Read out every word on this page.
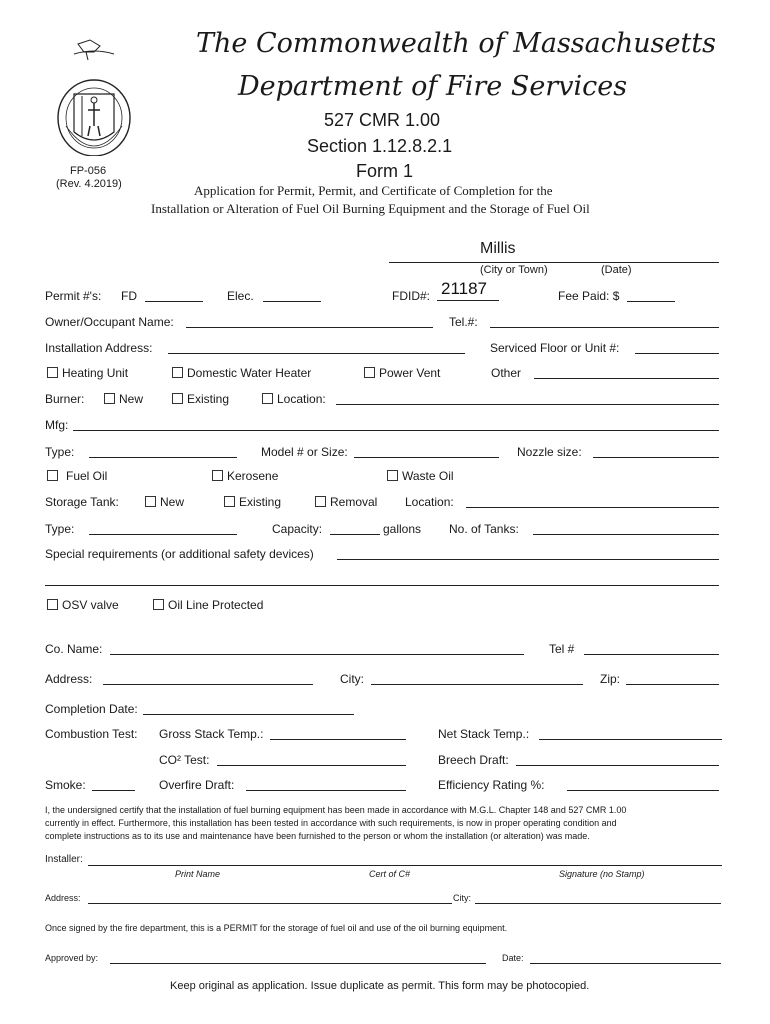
The Commonwealth of Massachusetts
Department of Fire Services
527 CMR 1.00
Section 1.12.8.2.1
Form 1
FP-056
(Rev. 4.2019)	Application for Permit, Permit, and Certificate of Completion for the
Installation or Alteration of Fuel Oil Burning Equipment and the Storage of Fuel Oil
Millis
(City or Town)	(Date)
Permit #'s: FD	Elec.	FDID#: 21187	Fee Paid: $
Owner/Occupant Name:	Tel.#:
Installation Address:	Serviced Floor or Unit #:
Heating Unit	Domestic Water Heater	Power Vent	Other
Burner:	New	Existing	Location:
Mfg:
Type:	Model # or Size:	Nozzle size:
Fuel Oil	Kerosene	Waste Oil
Storage Tank:	New	Existing	Removal Location:
Type:	Capacity:	gallons No. of Tanks:
Special requirements (or additional safety devices)
OSV valve	Oil Line Protected
Co. Name:	Tel #
Address:	City:	Zip:
Completion Date:
Combustion Test: Gross Stack Temp.:	Net Stack Temp.:
CO² Test:	Breech Draft:
Smoke:	Overfire Draft:	Efficiency Rating %:
I, the undersigned certify that the installation of fuel burning equipment has been made in accordance with M.G.L. Chapter 148 and 527 CMR 1.00
currently in effect. Furthermore, this installation has been tested in accordance with such requirements, is now in proper operating condition and
complete instructions as to its use and maintenance have been furnished to the person or whom the installation (or alteration) was made.
Installer:
Print Name	Cert of C#	Signature (no Stamp)
Address:	City:
Once signed by the fire department, this is a PERMIT for the storage of fuel oil and use of the oil burning equipment.
Approved by:	Date:
Keep original as application. Issue duplicate as permit. This form may be photocopied.
